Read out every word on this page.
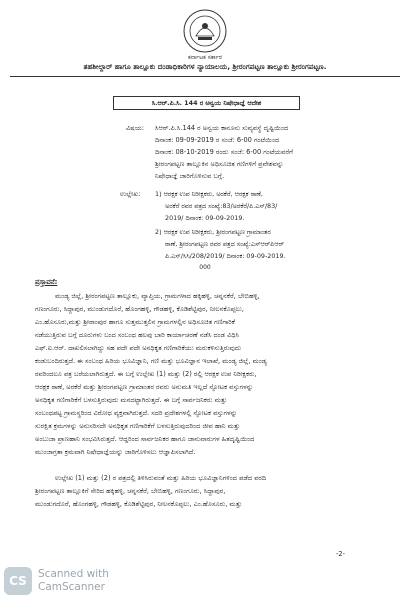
ಕರ್ನಾಟಕ ಸರ್ಕಾರ
ತಹಶೀಲ್ದಾರ್ ಹಾಗೂ ತಾಲ್ಲೂಕು ದಂಡಾಧಿಕಾರಿಗಳ ನ್ಯಾಯಾಲಯ, ಶ್ರೀರಂಗಪಟ್ಟಣ ತಾಲ್ಲೂಕು ಶ್ರೀರಂಗಪಟ್ಟಣ.
ಸಿ.ಆರ್.ಪಿ.ಸಿ. 144 ರ ಅನ್ವಯ ನಿಷೇಧಾಜ್ಞೆ ಆದೇಶ
ವಿಷಯ: ಸಿಆರ್.ಪಿ.ಸಿ.144 ರ ಅನ್ವಯ ಕಾನೂನು ಸುವ್ಯವಸ್ಥೆ ದೃಷ್ಟಿಯಿಂದ
ದಿನಾಂಕ: 09-09-2019 ರ ಸಂಜೆ: 6-00 ಗಂಟೆಯಿಂದ
ದಿನಾಂಕ: 08-10-2019 ರಂದು ಸಂಜೆ: 6-00 ಗಂಟೆಯವರೆಗೆ
ಶ್ರೀರಂಗಪಟ್ಟಣ ತಾಲ್ಲೂಕಿನ ಅಧಿಸೂಚಿತ ಗಣಿಗಳಿಗೆ ಪ್ರವೇಶವನ್ನು
ನಿಷೇಧಾಜ್ಞೆ ಜಾರಿಗೊಳಿಸುವ ಬಗ್ಗೆ.
ಉಲ್ಲೇಖ: 1) ಆರಕ್ಷಕ ಉಪ ನಿರೀಕ್ಷಕರು, ಅರಕೆರೆ, ಆರಕ್ಷಕ ಠಾಣೆ,
ಅರಕೆರೆ ರವರ ಪತ್ರದ ಸಂಖ್ಯೆ:83/ಅರಕೆರೆ/ಪಿ.ಎಸ್/83/
2019/ ದಿನಾಂಕ: 09-09-2019.
2) ಆರಕ್ಷಕ ಉಪ ನಿರೀಕ್ಷಕರು, ಶ್ರೀರಂಗಪಟ್ಟಣ ಗ್ರಾಮಾಂತರ
ಠಾಣೆ, ಶ್ರೀರಂಗಪಟ್ಟಣ ರವರ ಪತ್ರದ ಸಂಖ್ಯೆ:ಎಸ್‌ಆರ್‌ಪಿಆರ್
ಪಿ.ಎಸ್/ಸಿಸಿ/208/2019/ ದಿನಾಂಕ: 09-09-2019.
000
ಪ್ರಸ್ತಾವನೆ:
ಮಂಡ್ಯ ಜಿಲ್ಲೆ, ಶ್ರೀರಂಗಪಟ್ಟಣ ತಾಲ್ಲೂಕು, ವ್ಯಾಪ್ತಿಯ, ಗ್ರಾಮಗಳಾದ ಹಕ್ಕಿಹಳ್ಳಿ, ಚನ್ನನಕೆರೆ, ಬೇಬಿಹಳ್ಳಿ,
ಗಣಂಗೂರು, ಸಿದ್ದಾಪುರ, ಮುಂಡುಗದೊರೆ, ಹೊಂಗಹಳ್ಳಿ, ಗೌಡಹಳ್ಳಿ, ಕೊಡಿಶೆಟ್ಟಿಪುರ, ನೀಲನಕೊಪ್ಪಲು,
ಎಂ.ಹೊಸೂರು,ಮತ್ತು ಶ್ರೀರಾಂಪುರ ಹಾಗೂ ಸುತ್ತಮುತ್ತಲಿನ ಗ್ರಾಮಗಳಲ್ಲಿನ ಅಧಿಸೂಚಿತ ಗಣಿಗಾರಿಕೆ
ನಡೆಯುತ್ತಿರುವ ಬಗ್ಗೆ ದೂರುಗಳು ಬಂದ ಸಂಬಂಧ ಹಲವು ಬಾರಿ ಕಾರ್ಯಾಚರಣೆ ನಡೆಸಿ ದಂಡ ವಿಧಿಸಿ
ಎಫ್.ಐ.ಆರ್. ದಾಖಲಿಸಲಾಗಿದ್ದು ಸಹ ಪದೇ ಪದೇ ಅನಧಿಕೃತ ಗಣಿಗಾರಿಕೆಯು ಮರುಕಳಿಸುತ್ತಿರುವುದು
ಕಂಡುಬಂದಿರುತ್ತದೆ. ಈ ಸಂಬಂಧ ಹಿರಿಯ ಭೂವಿಜ್ಞಾನಿ, ಗಣಿ ಮತ್ತು ಭೂವಿಜ್ಞಾನ ಇಲಾಖೆ, ಮಂಡ್ಯ ಜಿಲ್ಲೆ, ಮಂಡ್ಯ
ರವರಿಂದಲೂ ಪತ್ರ ಬರೆಯಲಾಗಿರುತ್ತದೆ. ಈ ಬಗ್ಗೆ ಉಲ್ಲೇಖ (1) ಮತ್ತು (2) ರಲ್ಲಿ ಆರಕ್ಷಕ ಉಪ ನಿರೀಕ್ಷಕರು,
ಆರಕ್ಷಕ ಠಾಣೆ, ಅರಕೆರೆ ಮತ್ತು ಶ್ರೀರಂಗಪಟ್ಟಣ ಗ್ರಾಮಾಂತರ ರವರು ಅನುಮತಿ ಇಲ್ಲದೆ ಸ್ಫೋಟಕ ವಸ್ತುಗಳನ್ನು
ಅನಧಿಕೃತ ಗಣಿಗಾರಿಕೆಗೆ ಬಳಸುತ್ತಿರುವುದು ಮನದಟ್ಟಾಗಿರುತ್ತದೆ. ಈ ಬಗ್ಗೆ ಸಾರ್ವಜನಿಕರು ಮತ್ತು
ಸಂಬಂಧಪಟ್ಟ ಗ್ರಾಮಸ್ಥರಿಂದ ವಿರೋಧ ವ್ಯಕ್ತವಾಗಿರುತ್ತದೆ. ಸದರಿ ಪ್ರದೇಶಗಳಲ್ಲಿ ಸ್ಫೋಟಕ ವಸ್ತುಗಳನ್ನು
ಸುರಕ್ಷಿತ ಕ್ರಮಗಳನ್ನು ಅನುಸರಿಸದೇ ಅನಧಿಕೃತ ಗಣಿಗಾರಿಕೆಗೆ ಬಳಸುತ್ತಿರುವುದರಿಂದ ಜೀವ ಹಾನಿ ಮತ್ತು
ಅಂಬುಜಾ ಪ್ರಾಣಹಾನಿ ಸಂಭವಿಸಿರುತ್ತದೆ. ಆದ್ದರಿಂದ ಸಾರ್ವಜನಿಕರ ಹಾಗೂ ಜಾನುವಾರುಗಳ ಹಿತದೃಷ್ಟಿಯಿಂದ
ಮುಂಜಾಗ್ರತಾ ಕ್ರಮವಾಗಿ ನಿಷೇಧಾಜ್ಞೆಯನ್ನು ಜಾರಿಗೊಳಿಸಲು ಆಜ್ಞಾಪಿಸಲಾಗಿದೆ.
ಉಲ್ಲೇಖ (1) ಮತ್ತು (2) ರ ಪತ್ರದಲ್ಲಿ ತಿಳಿಸಿರುವಂತೆ ಮತ್ತು ಹಿರಿಯ ಭೂವಿಜ್ಞಾನಿಗಳಿಂದ ಪಡೆದ ವರದಿ
ಶ್ರೀರಂಗಪಟ್ಟಣ ತಾಲ್ಲೂಕಿಗೆ ಸೇರಿದ ಹಕ್ಕಿಹಳ್ಳಿ, ಚನ್ನನಕೆರೆ, ಬೇಬಿಹಳ್ಳಿ, ಗಣಂಗೂರು, ಸಿದ್ದಾಪುರ,
ಮುಂಡುಗದೊರೆ, ಹೊಂಗಹಳ್ಳಿ, ಗೌಡಹಳ್ಳಿ, ಕೊಡಿಶೆಟ್ಟಿಪುರ, ನೀಲನಕೊಪ್ಪಲು, ಎಂ.ಹೊಸೂರು, ಮತ್ತು
-2-
CS	Scanned with
CamScanner
